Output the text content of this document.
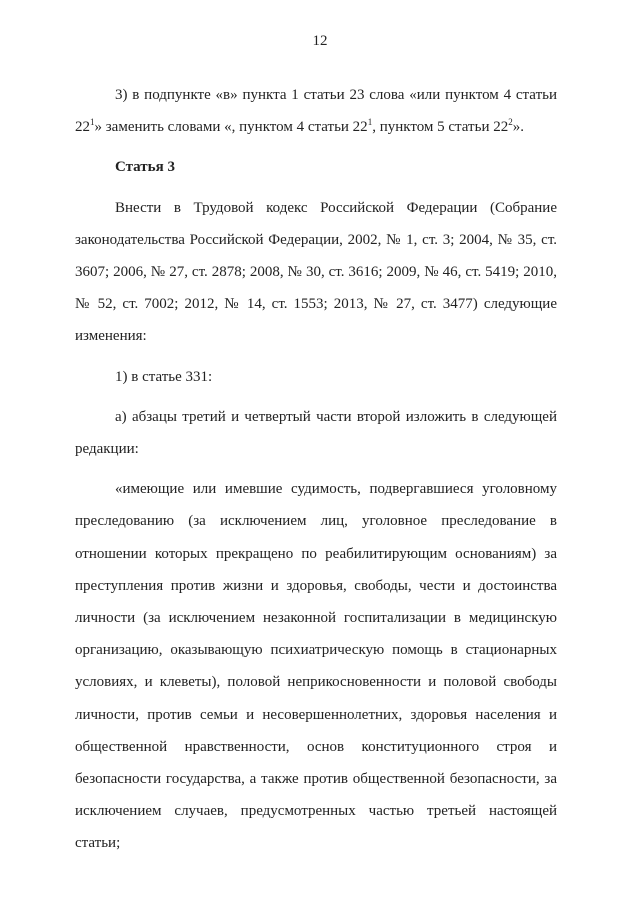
12

3) в подпункте «в» пункта 1 статьи 23 слова «или пунктом 4 статьи $22^1$» заменить словами «, пунктом 4 статьи $22^1$, пунктом 5 статьи $22^2$».

Статья 3

Внести в Трудовой кодекс Российской Федерации (Собрание законодательства Российской Федерации, 2002, № 1, ст. 3; 2004, № 35, ст. 3607; 2006, № 27, ст. 2878; 2008, № 30, ст. 3616; 2009, № 46, ст. 5419; 2010, № 52, ст. 7002; 2012, № 14, ст. 1553; 2013, № 27, ст. 3477) следующие изменения:

1) в статье 331:

а) абзацы третий и четвертый части второй изложить в следующей редакции:

«имеющие или имевшие судимость, подвергавшиеся уголовному преследованию (за исключением лиц, уголовное преследование в отношении которых прекращено по реабилитирующим основаниям) за преступления против жизни и здоровья, свободы, чести и достоинства личности (за исключением незаконной госпитализации в медицинскую организацию, оказывающую психиатрическую помощь в стационарных условиях, и клеветы), половой неприкосновенности и половой свободы личности, против семьи и несовершеннолетних, здоровья населения и общественной нравственности, основ конституционного строя и безопасности государства, а также против общественной безопасности, за исключением случаев, предусмотренных частью третьей настоящей статьи;
